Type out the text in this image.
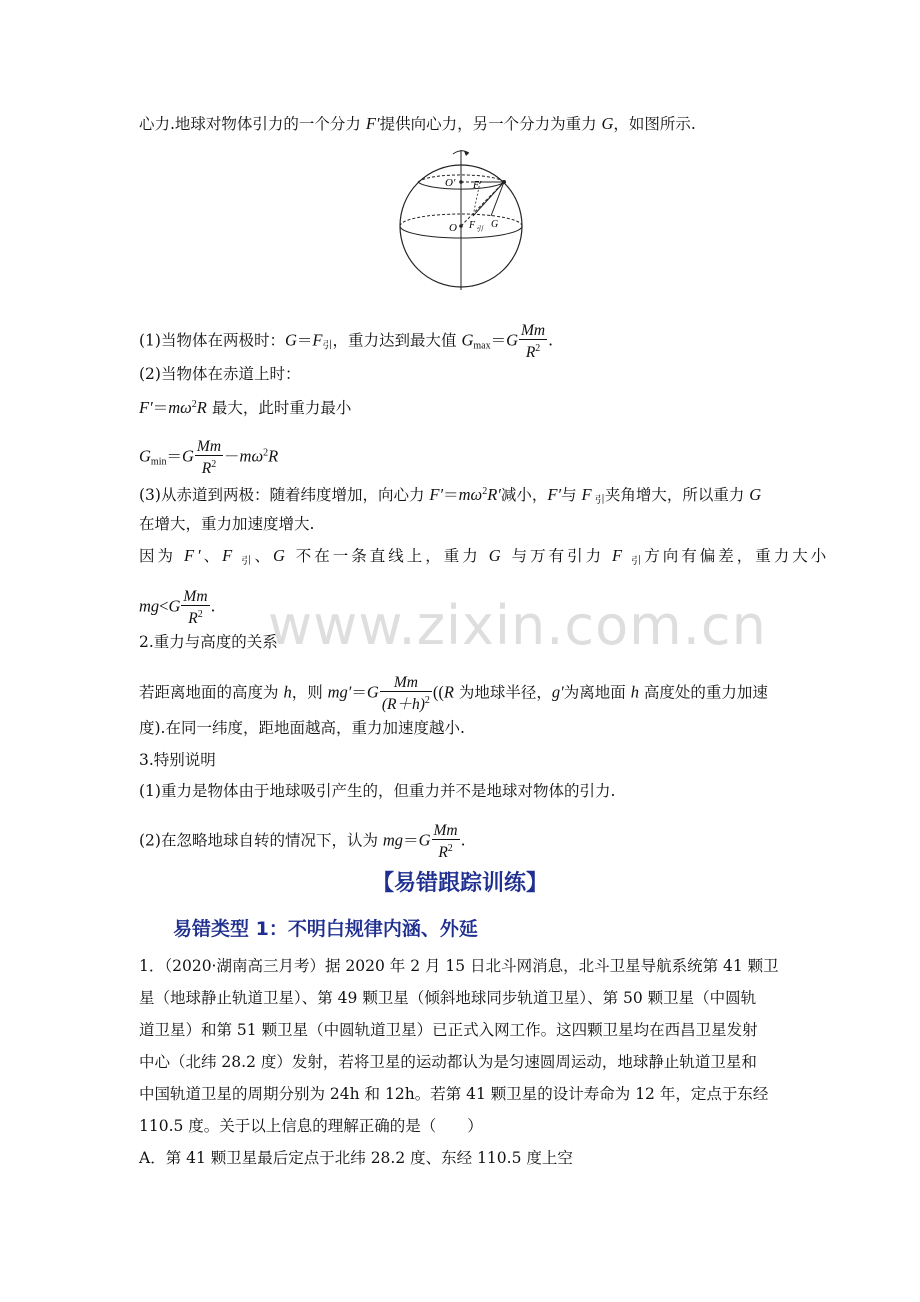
心力.地球对物体引力的一个分力 F′提供向心力，另一个分力为重力 G，如图所示.
O′
O
F′
F 引 G
(1)当物体在两极时：$G=F_引$，重力达到最大值 $G_{max}=G \frac{Mm}{R^2}$ .
(2)当物体在赤道上时：
$F'=m\omega^2R$ 最大，此时重力最小
$G_{min}=G \frac{Mm}{R^2} -m\omega^2R$
(3)从赤道到两极：随着纬度增加，向心力 $F'=m\omega^2R'$减小，F′与 F $_引$夹角增大，所以重力 G
在增大，重力加速度增大.
因为 F′、F $_引$、G 不在一条直线上，重力 G 与万有引力 F $_引$方向有偏差，重力大小
$mg<G \frac{Mm}{R^2}$ . www.zixin.com.cn
2.重力与高度的关系
若距离地面的高度为 h，则 $mg'=G \frac{Mm}{(R+h)^2} ((R$ 为地球半径，g′为离地面 h 高度处的重力加速
度).在同一纬度，距地面越高，重力加速度越小.
3.特别说明
(1)重力是物体由于地球吸引产生的，但重力并不是地球对物体的引力.
(2)在忽略地球自转的情况下，认为 $mg=G \frac{Mm}{R^2}$ .
【易错跟踪训练】
易错类型 1：不明白规律内涵、外延
1．（2020·湖南高三月考）据 2020 年 2 月 15 日北斗网消息，北斗卫星导航系统第 41 颗卫
星（地球静止轨道卫星）、第 49 颗卫星（倾斜地球同步轨道卫星）、第 50 颗卫星（中圆轨
道卫星）和第 51 颗卫星（中圆轨道卫星）已正式入网工作。这四颗卫星均在西昌卫星发射
中心（北纬 28.2 度）发射，若将卫星的运动都认为是匀速圆周运动，地球静止轨道卫星和
中国轨道卫星的周期分别为 24h 和 12h。若第 41 颗卫星的设计寿命为 12 年，定点于东经
110.5 度。关于以上信息的理解正确的是（　　）
A．第 41 颗卫星最后定点于北纬 28.2 度、东经 110.5 度上空
